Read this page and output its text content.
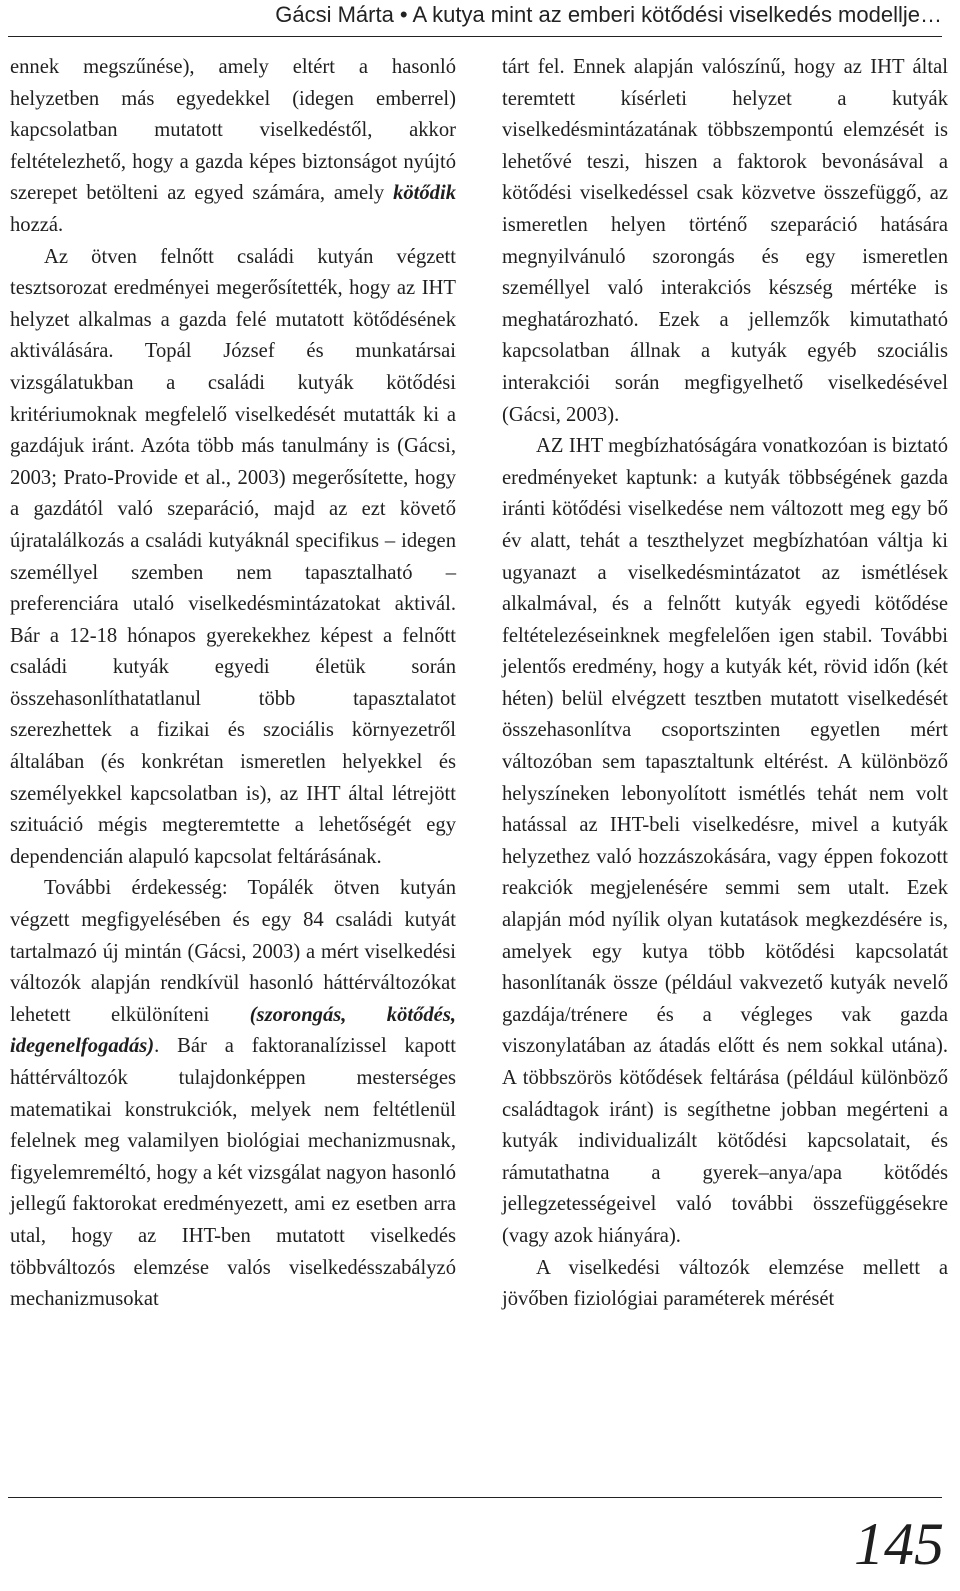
Gácsi Márta • A kutya mint az emberi kötődési viselkedés modellje…

ennek megszűnése), amely eltért a hasonló helyzetben más egyedekkel (idegen emberrel) kapcsolatban mutatott viselkedéstől, akkor feltételezhető, hogy a gazda képes biztonságot nyújtó szerepet betölteni az egyed számára, amely kötődik hozzá.

Az ötven felnőtt családi kutyán végzett tesztsorozat eredményei megerősítették, hogy az IHT helyzet alkalmas a gazda felé mutatott kötődésének aktiválására. Topál József és munkatársai vizsgálatukban a családi kutyák kötődési kritériumoknak megfelelő viselkedését mutatták ki a gazdájuk iránt. Azóta több más tanulmány is (Gácsi, 2003; Prato-Provide et al., 2003) megerősítette, hogy a gazdától való szeparáció, majd az ezt követő újratalálkozás a családi kutyáknál specifikus – idegen személlyel szemben nem tapasztalható – preferenciára utaló viselkedésmintázatokat aktivál. Bár a 12-18 hónapos gyerekekhez képest a felnőtt családi kutyák egyedi életük során összehasonlíthatatlanul több tapasztalatot szerezhettek a fizikai és szociális környezetről általában (és konkrétan ismeretlen helyekkel és személyekkel kapcsolatban is), az IHT által létrejött szituáció mégis megteremtette a lehetőségét egy dependencián alapuló kapcsolat feltárásának.

További érdekesség: Topálék ötven kutyán végzett megfigyelésében és egy 84 családi kutyát tartalmazó új mintán (Gácsi, 2003) a mért viselkedési változók alapján rendkívül hasonló háttérváltozókat lehetett elkülöníteni (szorongás, kötődés, idegenelfogadás). Bár a faktoranalízissel kapott háttérváltozók tulajdonképpen mesterséges matematikai konstrukciók, melyek nem feltétlenül felelnek meg valamilyen biológiai mechanizmusnak, figyelemreméltó, hogy a két vizsgálat nagyon hasonló jellegű faktorokat eredményezett, ami ez esetben arra utal, hogy az IHT-ben mutatott viselkedés többváltozós elemzése valós viselkedésszabályzó mechanizmusokat

tárt fel. Ennek alapján valószínű, hogy az IHT által teremtett kísérleti helyzet a kutyák viselkedésmintázatának többszempontú elemzését is lehetővé teszi, hiszen a faktorok bevonásával a kötődési viselkedéssel csak közvetve összefüggő, az ismeretlen helyen történő szeparáció hatására megnyilvánuló szorongás és egy ismeretlen személlyel való interakciós készség mértéke is meghatározható. Ezek a jellemzők kimutatható kapcsolatban állnak a kutyák egyéb szociális interakciói során megfigyelhető viselkedésével (Gácsi, 2003).

AZ IHT megbízhatóságára vonatkozóan is biztató eredményeket kaptunk: a kutyák többségének gazda iránti kötődési viselkedése nem változott meg egy bő év alatt, tehát a teszthelyzet megbízhatóan váltja ki ugyanazt a viselkedésmintázatot az ismétlések alkalmával, és a felnőtt kutyák egyedi kötődése feltételezéseinknek megfelelően igen stabil. További jelentős eredmény, hogy a kutyák két, rövid időn (két héten) belül elvégzett tesztben mutatott viselkedését összehasonlítva csoportszinten egyetlen mért változóban sem tapasztaltunk eltérést. A különböző helyszíneken lebonyolított ismétlés tehát nem volt hatással az IHT-beli viselkedésre, mivel a kutyák helyzethez való hozzászokására, vagy éppen fokozott reakciók megjelenésére semmi sem utalt. Ezek alapján mód nyílik olyan kutatások megkezdésére is, amelyek egy kutya több kötődési kapcsolatát hasonlítanák össze (például vakvezető kutyák nevelő gazdája/trénere és a végleges vak gazda viszonylatában az átadás előtt és nem sokkal utána). A többszörös kötődések feltárása (például különböző családtagok iránt) is segíthetne jobban megérteni a kutyák individualizált kötődési kapcsolatait, és rámutathatna a gyerek–anya/apa kötődés jellegzetességeivel való további összefüggésekre (vagy azok hiányára).

A viselkedési változók elemzése mellett a jövőben fiziológiai paraméterek mérését

145
